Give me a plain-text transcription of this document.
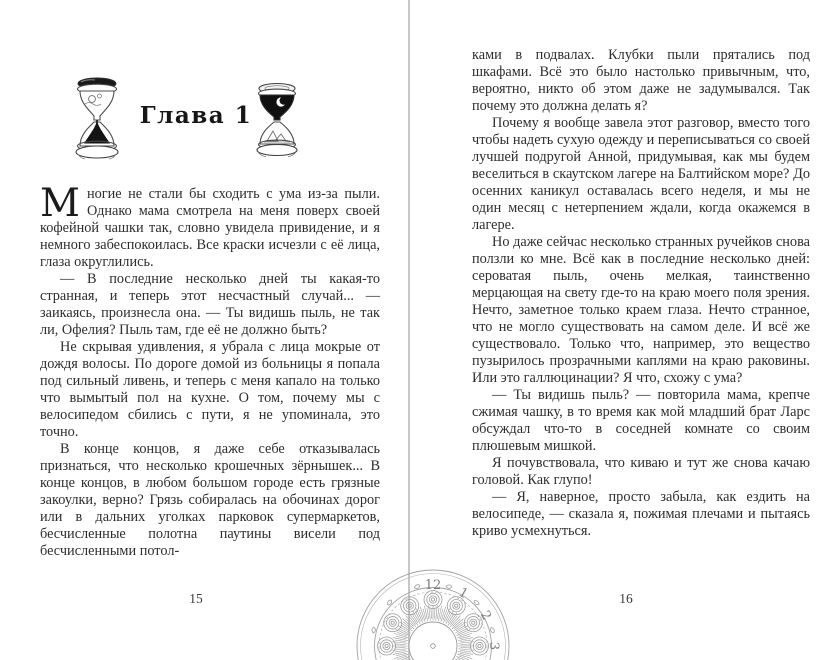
Глава 1

Многие не стали бы сходить с ума из-за пыли. Однако мама смотрела на меня поверх своей кофейной чашки так, словно увидела привидение, и я немного забеспокоилась. Все краски исчезли с её лица, глаза округлились.

— В последние несколько дней ты какая-то странная, и теперь этот несчастный случай... — заикаясь, произнесла она. — Ты видишь пыль, не так ли, Офелия? Пыль там, где её не должно быть?

Не скрывая удивления, я убрала с лица мокрые от дождя волосы. По дороге домой из больницы я попала под сильный ливень, и теперь с меня капало на только что вымытый пол на кухне. О том, почему мы с велосипедом сбились с пути, я не упоминала, это точно.

В конце концов, я даже себе отказывалась признаться, что несколько крошечных зёрнышек... В конце концов, в любом большом городе есть грязные закоулки, верно? Грязь собиралась на обочинах дорог или в дальних уголках парковок супермаркетов, бесчисленные полотна паутины висели под бесчисленными потол-

15
12 1
2
3

ками в подвалах. Клубки пыли прятались под шкафами. Всё это было настолько привычным, что, вероятно, никто об этом даже не задумывался. Так почему это должна делать я?

Почему я вообще завела этот разговор, вместо того чтобы надеть сухую одежду и переписываться со своей лучшей подругой Анной, придумывая, как мы будем веселиться в скаутском лагере на Балтийском море? До осенних каникул оставалась всего неделя, и мы не один месяц с нетерпением ждали, когда окажемся в лагере.

Но даже сейчас несколько странных ручейков снова ползли ко мне. Всё как в последние несколько дней: сероватая пыль, очень мелкая, таинственно мерцающая на свету где-то на краю моего поля зрения. Нечто, заметное только краем глаза. Нечто странное, что не могло существовать на самом деле. И всё же существовало. Только что, например, это вещество пузырилось прозрачными каплями на краю раковины. Или это галлюцинации? Я что, схожу с ума?

— Ты видишь пыль? — повторила мама, крепче сжимая чашку, в то время как мой младший брат Ларс обсуждал что-то в соседней комнате со своим плюшевым мишкой.

Я почувствовала, что киваю и тут же снова качаю головой. Как глупо!

— Я, наверное, просто забыла, как ездить на велосипеде, — сказала я, пожимая плечами и пытаясь криво усмехнуться.

16
